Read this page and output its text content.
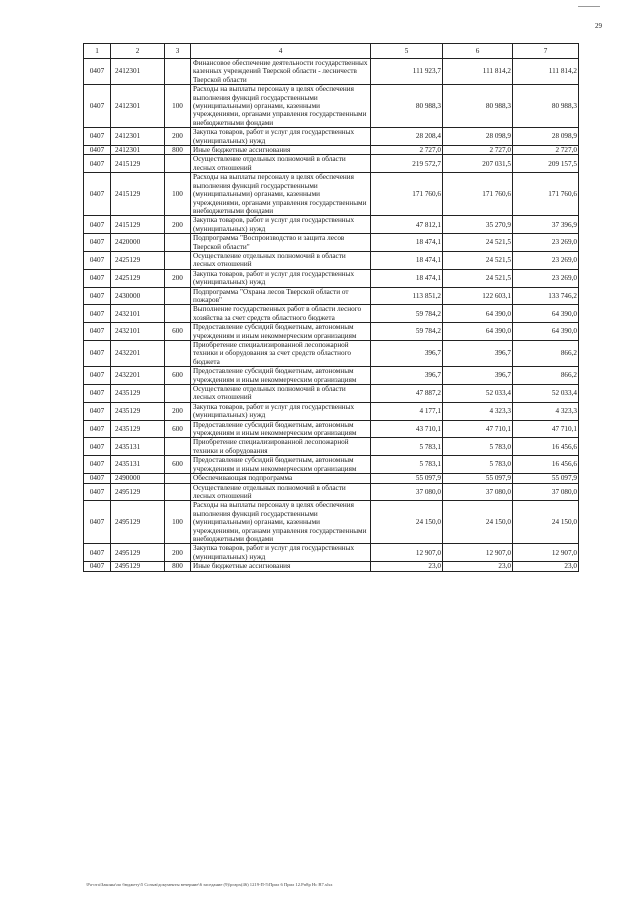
29
1	2	3	4	5	6	7
0407	2412301		Финансовое обеспечение деятельности государственных казенных учреждений Тверской области - лесничеств Тверской области	111 923,7	111 814,2	111 814,2
0407	2412301	100	Расходы на выплаты персоналу в целях обеспечения выполнения функций государственными (муниципальными) органами, казенными учреждениями, органами управления государственными внебюджетными фондами	80 988,3	80 988,3	80 988,3
0407	2412301	200	Закупка товаров, работ и услуг для государственных (муниципальных) нужд	28 208,4	28 098,9	28 098,9
0407	2412301	800	Иные бюджетные ассигнования	2 727,0	2 727,0	2 727,0
0407	2415129		Осуществление отдельных полномочий в области лесных отношений	219 572,7	207 031,5	209 157,5
0407	2415129	100	Расходы на выплаты персоналу в целях обеспечения выполнения функций государственными (муниципальными) органами, казенными учреждениями, органами управления государственными внебюджетными фондами	171 760,6	171 760,6	171 760,6
0407	2415129	200	Закупка товаров, работ и услуг для государственных (муниципальных) нужд	47 812,1	35 270,9	37 396,9
0407	2420000		Подпрограмма "Воспроизводство и защита лесов Тверской области"	18 474,1	24 521,5	23 269,0
0407	2425129		Осуществление отдельных полномочий в области лесных отношений	18 474,1	24 521,5	23 269,0
0407	2425129	200	Закупка товаров, работ и услуг для государственных (муниципальных) нужд	18 474,1	24 521,5	23 269,0
0407	2430000		Подпрограмма "Охрана лесов Тверской области от пожаров"	113 851,2	122 603,1	133 746,2
0407	2432101		Выполнение государственных работ в области лесного хозяйства за счет средств областного бюджета	59 784,2	64 390,0	64 390,0
0407	2432101	600	Предоставление субсидий бюджетным, автономным учреждениям и иным некоммерческим организациям	59 784,2	64 390,0	64 390,0
0407	2432201		Приобретение специализированной лесопожарной техники и оборудования за счет средств областного бюджета	396,7	396,7	866,2
0407	2432201	600	Предоставление субсидий бюджетным, автономным учреждениям и иным некоммерческим организациям	396,7	396,7	866,2
0407	2435129		Осуществление отдельных полномочий в области лесных отношений	47 887,2	52 033,4	52 033,4
0407	2435129	200	Закупка товаров, работ и услуг для государственных (муниципальных) нужд	4 177,1	4 323,3	4 323,3
0407	2435129	600	Предоставление субсидий бюджетным, автономным учреждениям и иным некоммерческим организациям	43 710,1	47 710,1	47 710,1
0407	2435131		Приобретение специализированной лесопожарной техники и оборудования	5 783,1	5 783,0	16 456,6
0407	2435131	600	Предоставление субсидий бюджетным, автономным учреждениям и иным некоммерческим организациям	5 783,1	5 783,0	16 456,6
0407	2490000		Обеспечивающая подпрограмма	55 097,9	55 097,9	55 097,9
0407	2495129		Осуществление отдельных полномочий в области лесных отношений	37 080,0	37 080,0	37 080,0
0407	2495129	100	Расходы на выплаты персоналу в целях обеспечения выполнения функций государственными (муниципальными) органами, казенными учреждениями, органами управления государственными внебюджетными фондами	24 150,0	24 150,0	24 150,0
0407	2495129	200	Закупка товаров, работ и услуг для государственных (муниципальных) нужд	12 907,0	12 907,0	12 907,0
0407	2495129	800	Иные бюджетные ассигнования	23,0	23,0	23,0
\Ра-ота\Законы\по бюджету\5 Созыв\документы вечерние\6 заседание (9)\ргарх(46) 1219-П-5\Прил 6 Прил 12.Рп8р Нс В7.xlsx
